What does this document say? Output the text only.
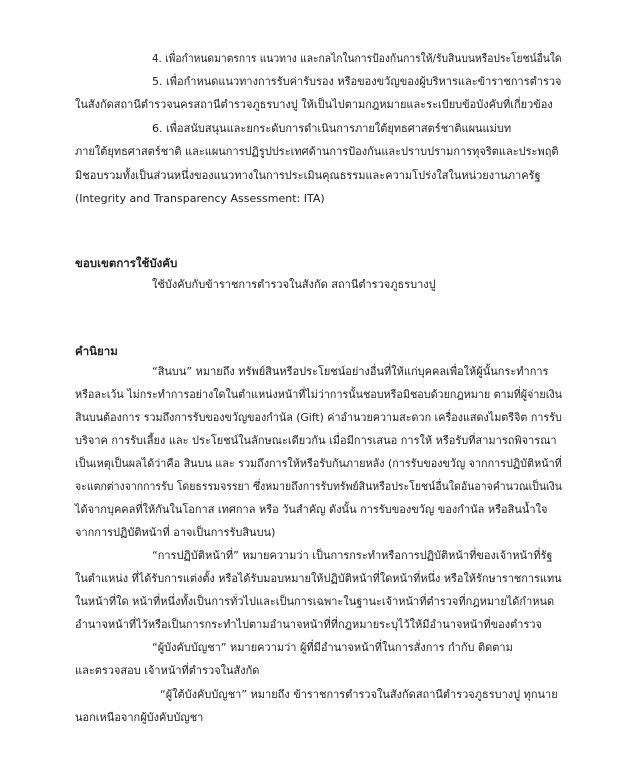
4. เพื่อกำหนดมาตรการ แนวทาง และกลไกในการป้องกันการให้/รับสินบนหรือประโยชน์อื่นใด
5. เพื่อกำหนดแนวทางการรับค่ารับรอง หรือของขวัญของผู้บริหารและข้าราชการตำรวจ
ในสังกัดสถานีตำรวจนครสถานีตำรวจภูธรบางปู ให้เป็นไปตามกฎหมายและระเบียบข้อบังคับที่เกี่ยวข้อง
6. เพื่อสนับสนุนและยกระดับการดำเนินการภายใต้ยุทธศาสตร์ชาติแผนแม่บท
ภายใต้ยุทธศาสตร์ชาติ และแผนการปฏิรูปประเทศด้านการป้องกันและปราบปรามการทุจริตและประพฤติ
มิชอบรวมทั้งเป็นส่วนหนึ่งของแนวทางในการประเมินคุณธรรมและความโปร่งใสในหน่วยงานภาครัฐ
(Integrity and Transparency Assessment: ITA)
ขอบเขตการใช้บังคับ
ใช้บังคับกับข้าราชการตำรวจในสังกัด สถานีตำรวจภูธรบางปู
คำนิยาม
“สินบน” หมายถึง ทรัพย์สินหรือประโยชน์อย่างอื่นที่ให้แก่บุคคลเพื่อให้ผู้นั้นกระทำการ
หรือละเว้น ไม่กระทำการอย่างใดในตำแหน่งหน้าที่ไม่ว่าการนั้นชอบหรือมิชอบด้วยกฎหมาย ตามที่ผู้จ่ายเงิน
สินบนต้องการ รวมถึงการรับของขวัญของกำนัล (Gift) ค่าอำนวยความสะดวก เครื่องแสดงไมตรีจิต การรับ
บริจาค การรับเลี้ยง และ ประโยชน์ในลักษณะเดียวกัน เมื่อมีการเสนอ การให้ หรือรับที่สามารถพิจารณา
เป็นเหตุเป็นผลได้ว่าคือ สินบน และ รวมถึงการให้หรือรับกันภายหลัง (การรับของขวัญ จากการปฏิบัติหน้าที่
จะแตกต่างจากการรับ โดยธรรมจรรยา ซึ่งหมายถึงการรับทรัพย์สินหรือประโยชน์อื่นใดอันอาจคำนวณเป็นเงิน
ได้จากบุคคลที่ให้กันในโอกาส เทศกาล หรือ วันสำคัญ ดังนั้น การรับของขวัญ ของกำนัล หรือสินน้ำใจ
จากการปฏิบัติหน้าที่ อาจเป็นการรับสินบน)
“การปฏิบัติหน้าที่” หมายความว่า เป็นการกระทำหรือการปฏิบัติหน้าที่ของเจ้าหน้าที่รัฐ
ในตำแหน่ง ที่ได้รับการแต่งตั้ง หรือได้รับมอบหมายให้ปฏิบัติหน้าที่ใดหน้าที่หนึ่ง หรือให้รักษาราชการแทน
ในหน้าที่ใด หน้าที่หนึ่งทั้งเป็นการทั่วไปและเป็นการเฉพาะในฐานะเจ้าหน้าที่ตำรวจที่กฎหมายได้กำหนด
อำนาจหน้าที่ไว้หรือเป็นการกระทำไปตามอำนาจหน้าที่ที่กฎหมายระบุไว้ให้มีอำนาจหน้าที่ของตำรวจ
“ผู้บังคับบัญชา” หมายความว่า ผู้ที่มีอำนาจหน้าที่ในการสั่งการ กำกับ ติดตาม
และตรวจสอบ เจ้าหน้าที่ตำรวจในสังกัด
“ผู้ใต้บังคับบัญชา” หมายถึง ข้าราชการตำรวจในสังกัดสถานีตำรวจภูธรบางปู ทุกนาย
นอกเหนือจากผู้บังคับบัญชา
